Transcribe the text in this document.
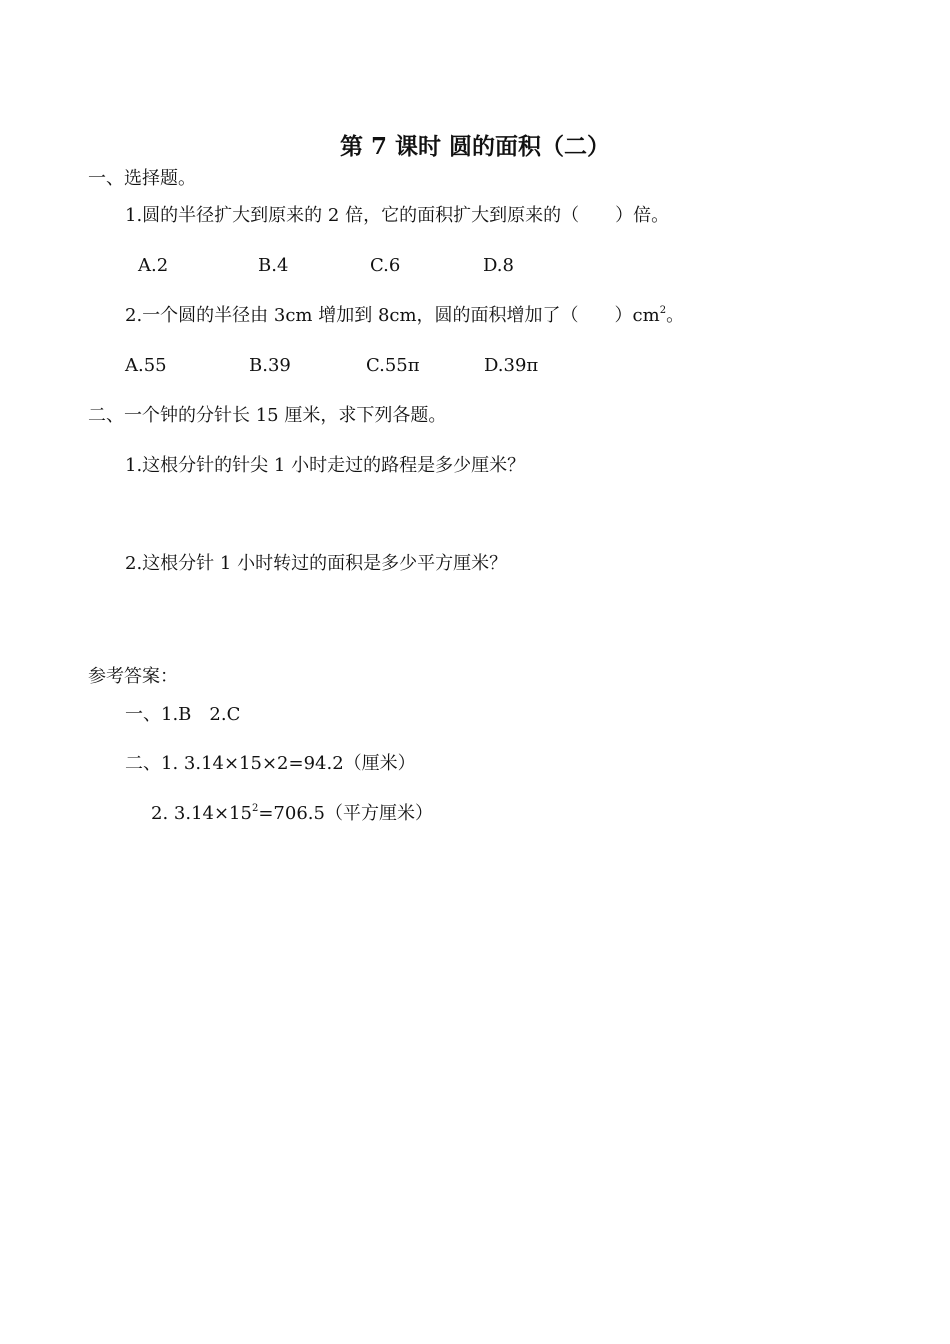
第 7 课时 圆的面积（二）
一、选择题。
1.圆的半径扩大到原来的 2 倍，它的面积扩大到原来的（　　）倍。
A.2	B.4	C.6	D.8
2.一个圆的半径由 3cm 增加到 8cm，圆的面积增加了（　　）$cm^2$。
A.55	B.39	C.55π	D.39π
二、一个钟的分针长 15 厘米，求下列各题。
1.这根分针的针尖 1 小时走过的路程是多少厘米？
2.这根分针 1 小时转过的面积是多少平方厘米？
参考答案：
一、1.B　2.C
二、1. 3.14×15×2=94.2（厘米）
2. $3.14\times 15^2=706.5$（平方厘米）
